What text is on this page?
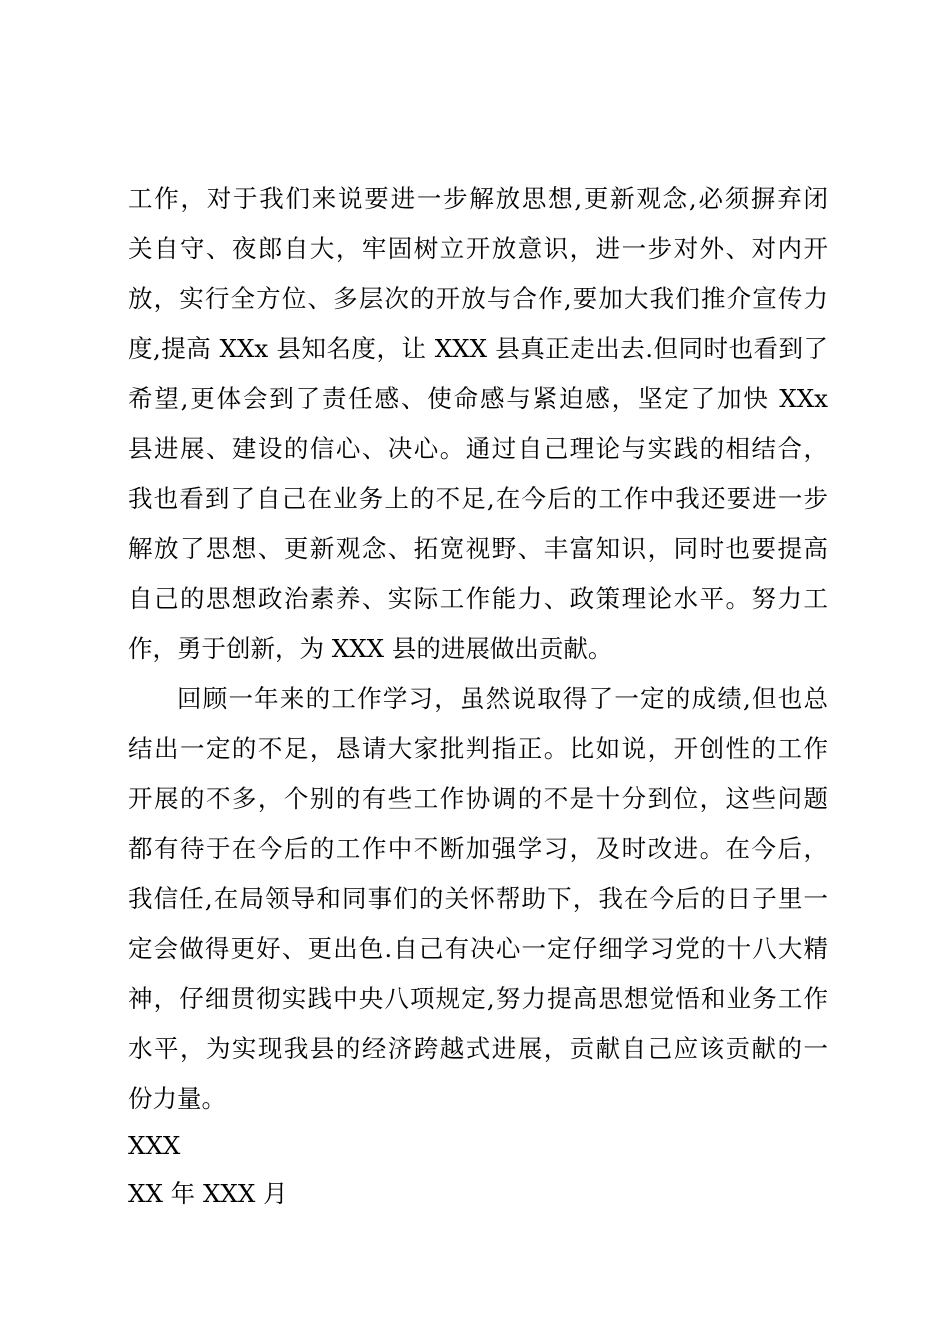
工作，对于我们来说要进一步解放思想,更新观念,必须摒弃闭
关自守、夜郎自大，牢固树立开放意识，进一步对外、对内开
放，实行全方位、多层次的开放与合作,要加大我们推介宣传力
度,提高 XXx 县知名度，让 XXX 县真正走出去.但同时也看到了
希望,更体会到了责任感、使命感与紧迫感，坚定了加快 XXx
县进展、建设的信心、决心。通过自己理论与实践的相结合，
我也看到了自己在业务上的不足,在今后的工作中我还要进一步
解放了思想、更新观念、拓宽视野、丰富知识，同时也要提高
自己的思想政治素养、实际工作能力、政策理论水平。努力工
作，勇于创新，为 XXX 县的进展做出贡献。
回顾一年来的工作学习，虽然说取得了一定的成绩,但也总
结出一定的不足，恳请大家批判指正。比如说，开创性的工作
开展的不多，个别的有些工作协调的不是十分到位，这些问题
都有待于在今后的工作中不断加强学习，及时改进。在今后，
我信任,在局领导和同事们的关怀帮助下，我在今后的日子里一
定会做得更好、更出色.自己有决心一定仔细学习党的十八大精
神，仔细贯彻实践中央八项规定,努力提高思想觉悟和业务工作
水平，为实现我县的经济跨越式进展，贡献自己应该贡献的一
份力量。
XXX
XX 年 XXX 月
